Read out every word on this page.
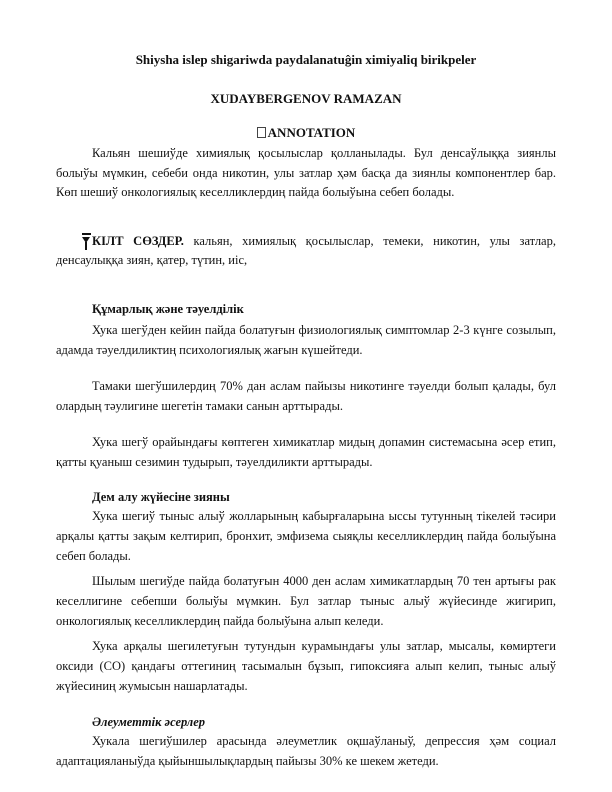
Shiysha islep shigariwda paydalanatuĝin ximiyaliq birikpeler
XUDAYBERGENOV RAMAZAN
ANNOTATION
Кальян шешиўде химиялық қосылыслар қолланылады. Бул денсаўлыққа зиянлы болыўы мүмкин, себеби онда никотин, улы затлар ҳәм басқа да зиянлы компонентлер бар. Көп шешиў онкологиялық кеселликлердиң пайда болыўына себеп болады.
КІЛТ СӨЗДЕР. кальян, химиялық қосылыслар, темеки, никотин, улы затлар, денсаулыққа зиян, қатер, түтин, иіс,
Құмарлық және тәуелділік
Хука шегўден кейин пайда болатуғын физиологиялық симптомлар 2-3 күнге созылып, адамда тәуелдиликтиң психологиялық жағын күшейтеди.
Тамаки шегўшилердиң 70% дан аслам пайызы никотинге тәуелди болып қалады, бул олардың тәулигине шегетін тамаки санын арттырады.
Хука шегў орайындағы көптеген химикатлар мидың допамин системасына әсер етип, қатты қуаныш сезимин тудырып, тәуелдиликти арттырады.
Дем алу жүйесіне зияны
Хука шегиў тыныс алыў жолларының кабырғаларына ыссы тутунның тікелей тәсири арқалы қатты зақым келтирип, бронхит, эмфизема сыяқлы кеселликлердиң пайда болыўына себеп болады.
Шылым шегиўде пайда болатуғын 4000 ден аслам химикатлардың 70 тен артығы рак кеселлигине себепши болыўы мүмкин. Бул затлар тыныс алыў жүйесинде жигирип, онкологиялық кеселликлердиң пайда болыўына алып келеди.
Хука арқалы шегилетуғын тутундын курамындағы улы затлар, мысалы, көмиртеги оксиди (СО) қандағы оттегиниң тасымалын бұзып, гипоксияға алып келип, тыныс алыў жүйесиниң жумысын нашарлатады.
Әлеуметтік әсерлер
Хукала шегиўшилер арасында әлеуметлик оқшаўланыў, депрессия ҳәм социал адаптацияланыўда қыйыншылықлардың пайызы 30% ке шекем жетеди.
